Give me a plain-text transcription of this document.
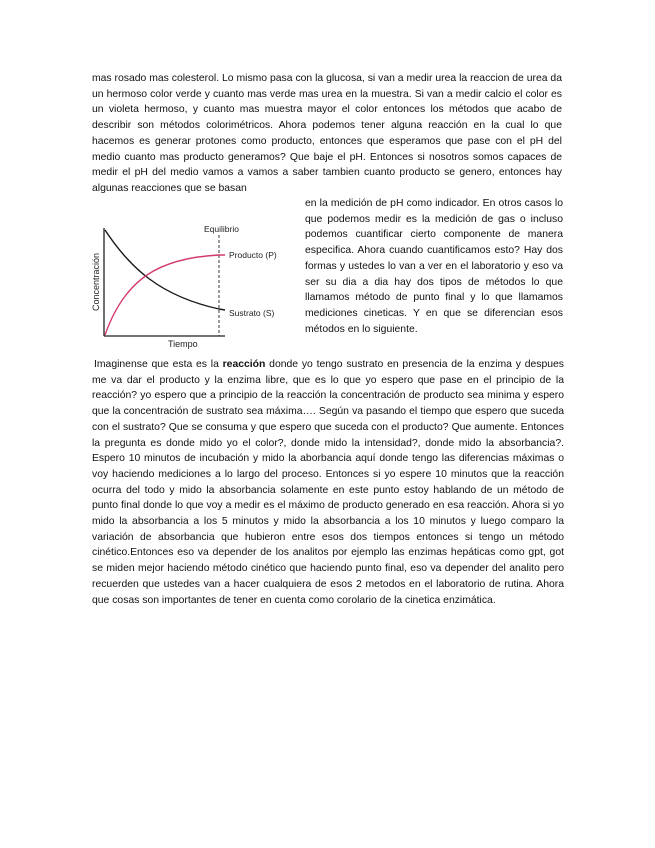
mas rosado mas colesterol. Lo mismo pasa con la glucosa, si van a medir urea la reaccion de urea da un hermoso color verde y cuanto mas verde mas urea en la muestra. Si van a medir calcio el color es un violeta hermoso, y cuanto mas muestra mayor el color entonces los métodos que acabo de describir son métodos colorimétricos. Ahora podemos tener alguna reacción en la cual lo que hacemos es generar protones como producto, entonces que esperamos que pase con el pH del medio cuanto mas producto generamos? Que baje el pH. Entonces si nosotros somos capaces de medir el pH del medio vamos a vamos a saber tambien cuanto producto se genero, entonces hay algunas reacciones que se basan
Concentración
Tiempo
Equilibrio
Producto (P)
Sustrato (S)
en la medición de pH como indicador. En otros casos lo que podemos medir es la medición de gas o incluso podemos cuantificar cierto componente de manera especifica. Ahora cuando cuantificamos esto? Hay dos formas y ustedes lo van a ver en el laboratorio y eso va ser su dia a dia hay dos tipos de métodos lo que llamamos método de punto final y lo que llamamos mediciones cineticas. Y en que se diferencian esos métodos en lo siguiente.
Imaginense que esta es la reacción donde yo tengo sustrato en presencia de la enzima y despues me va dar el producto y la enzima libre, que es lo que yo espero que pase en el principio de la reacción? yo espero que a principio de la reacción la concentración de producto sea minima y espero que la concentración de sustrato sea máxima…. Según va pasando el tiempo que espero que suceda con el sustrato? Que se consuma y que espero que suceda con el producto? Que aumente. Entonces la pregunta es donde mido yo el color?, donde mido la intensidad?, donde mido la absorbancia?. Espero 10 minutos de incubación y mido la aborbancia aquí donde tengo las diferencias máximas o voy haciendo mediciones a lo largo del proceso. Entonces si yo espere 10 minutos que la reacción ocurra del todo y mido la absorbancia solamente en este punto estoy hablando de un método de punto final donde lo que voy a medir es el máximo de producto generado en esa reacción. Ahora si yo mido la absorbancia a los 5 minutos y mido la absorbancia a los 10 minutos y luego comparo la variación de absorbancia que hubieron entre esos dos tiempos entonces si tengo un método cinético.Entonces eso va depender de los analitos por ejemplo las enzimas hepáticas como gpt, got se miden mejor haciendo método cinético que haciendo punto final, eso va depender del analito pero recuerden que ustedes van a hacer cualquiera de esos 2 metodos en el laboratorio de rutina. Ahora que cosas son importantes de tener en cuenta como corolario de la cinetica enzimática.
